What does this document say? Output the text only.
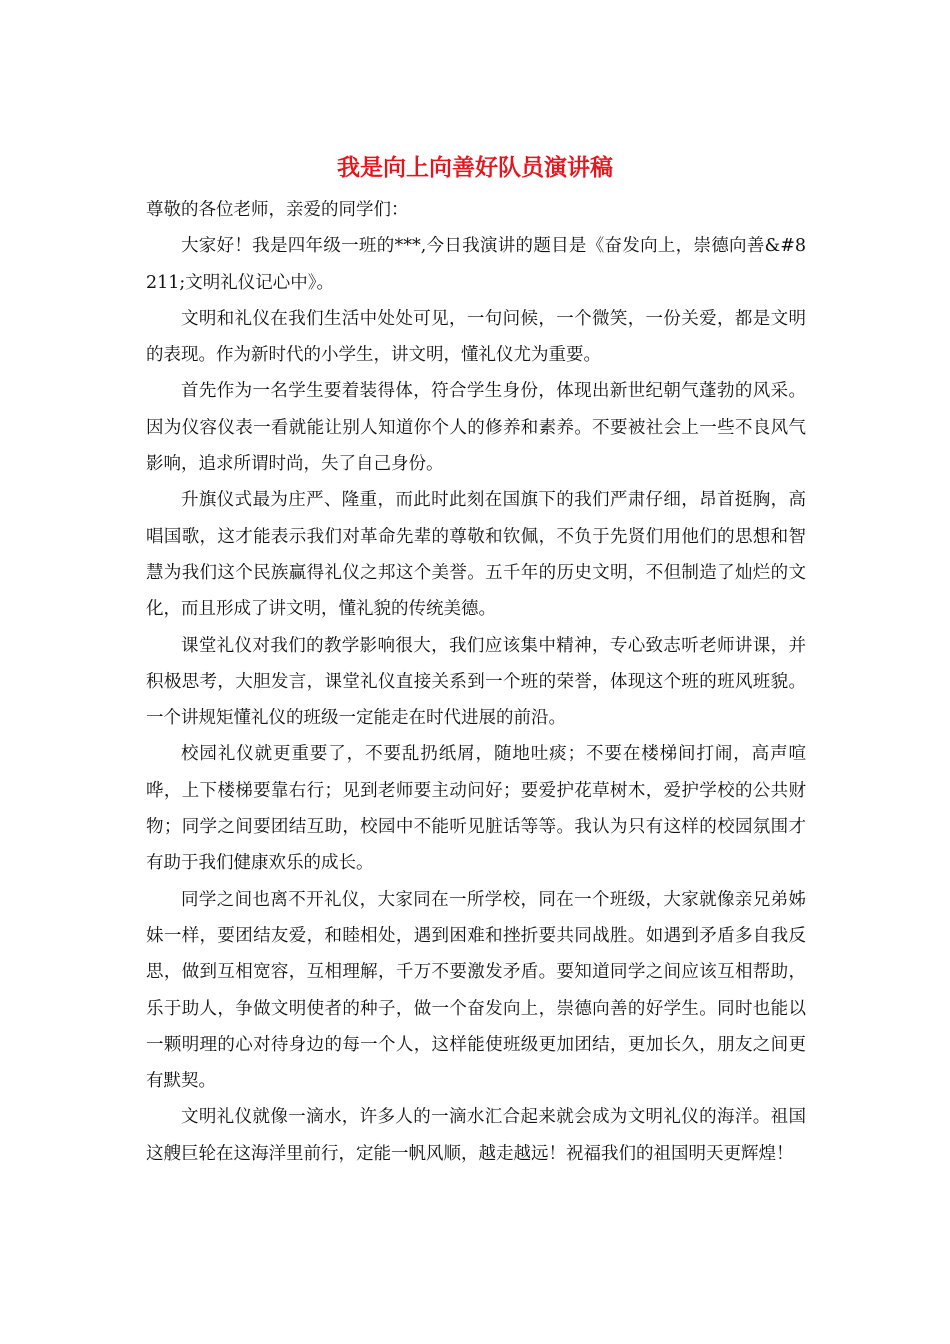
我是向上向善好队员演讲稿

尊敬的各位老师，亲爱的同学们：

大家好！我是四年级一班的***,今日我演讲的题目是《奋发向上，崇德向善&#8211;文明礼仪记心中》。

文明和礼仪在我们生活中处处可见，一句问候，一个微笑，一份关爱，都是文明的表现。作为新时代的小学生，讲文明，懂礼仪尤为重要。

首先作为一名学生要着装得体，符合学生身份，体现出新世纪朝气蓬勃的风采。因为仪容仪表一看就能让别人知道你个人的修养和素养。不要被社会上一些不良风气影响，追求所谓时尚，失了自己身份。

升旗仪式最为庄严、隆重，而此时此刻在国旗下的我们严肃仔细，昂首挺胸，高唱国歌，这才能表示我们对革命先辈的尊敬和钦佩，不负于先贤们用他们的思想和智慧为我们这个民族赢得礼仪之邦这个美誉。五千年的历史文明，不但制造了灿烂的文化，而且形成了讲文明，懂礼貌的传统美德。

课堂礼仪对我们的教学影响很大，我们应该集中精神，专心致志听老师讲课，并积极思考，大胆发言，课堂礼仪直接关系到一个班的荣誉，体现这个班的班风班貌。一个讲规矩懂礼仪的班级一定能走在时代进展的前沿。

校园礼仪就更重要了，不要乱扔纸屑，随地吐痰；不要在楼梯间打闹，高声喧哗，上下楼梯要靠右行；见到老师要主动问好；要爱护花草树木，爱护学校的公共财物；同学之间要团结互助，校园中不能听见脏话等等。我认为只有这样的校园氛围才有助于我们健康欢乐的成长。

同学之间也离不开礼仪，大家同在一所学校，同在一个班级，大家就像亲兄弟姊妹一样，要团结友爱，和睦相处，遇到困难和挫折要共同战胜。如遇到矛盾多自我反思，做到互相宽容，互相理解，千万不要激发矛盾。要知道同学之间应该互相帮助，乐于助人，争做文明使者的种子，做一个奋发向上，崇德向善的好学生。同时也能以一颗明理的心对待身边的每一个人，这样能使班级更加团结，更加长久，朋友之间更有默契。

文明礼仪就像一滴水，许多人的一滴水汇合起来就会成为文明礼仪的海洋。祖国这艘巨轮在这海洋里前行，定能一帆风顺，越走越远！祝福我们的祖国明天更辉煌！
